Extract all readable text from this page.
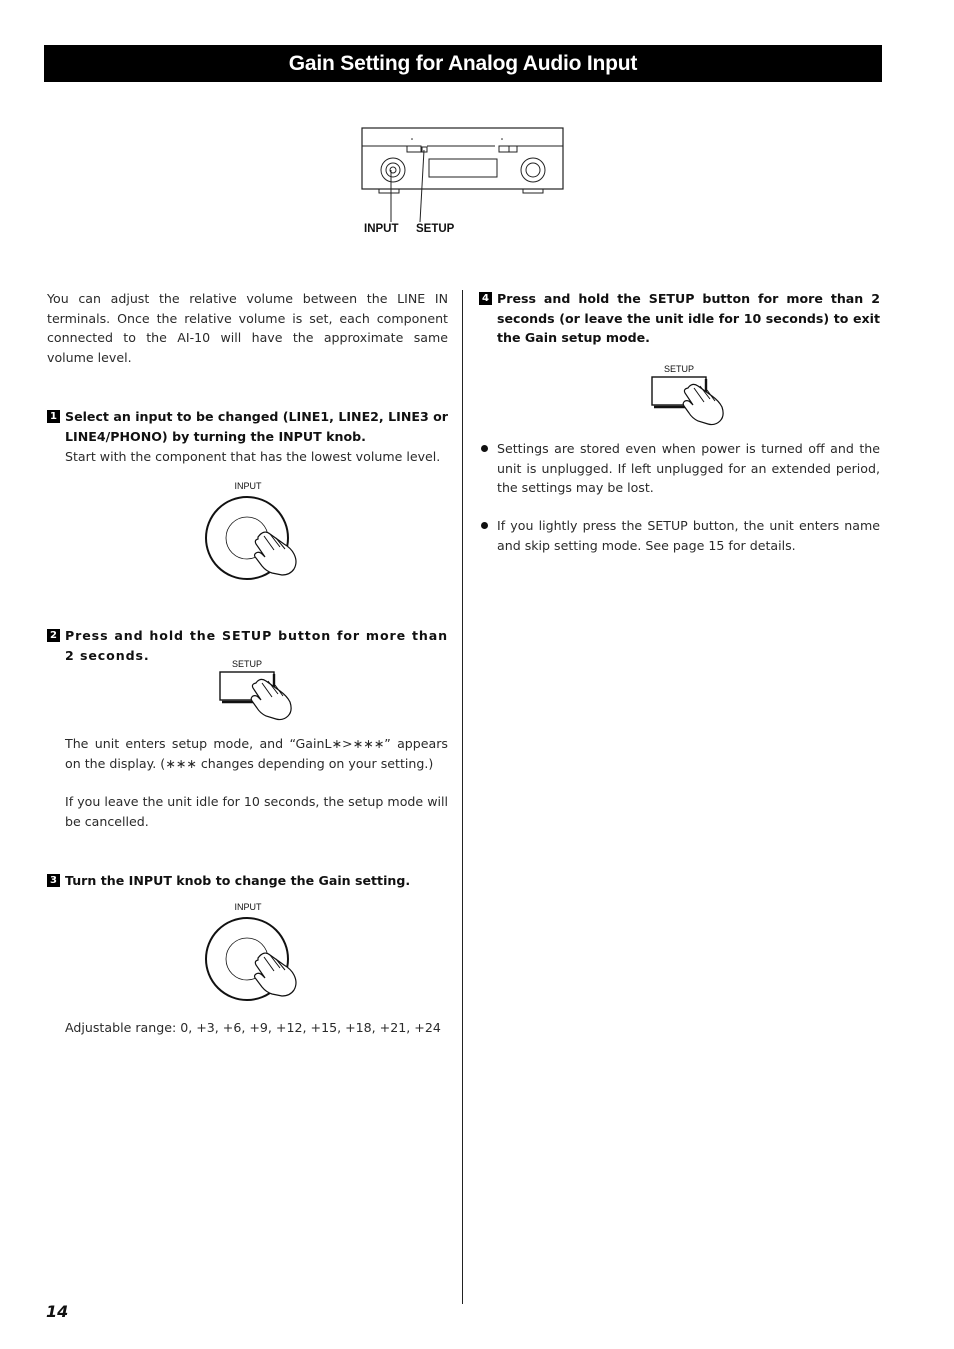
Gain Setting for Analog Audio Input
INPUT SETUP
You can adjust the relative volume between the LINE IN terminals. Once the relative volume is set, each component connected to the AI-10 will have the approximate same volume level.
1 Select an input to be changed (LINE1, LINE2, LINE3 or LINE4/PHONO) by turning the INPUT knob.
Start with the component that has the lowest volume level.
INPUT
2 Press and hold the SETUP button for more than 2 seconds.
SETUP
The unit enters setup mode, and “GainL∗>∗∗∗” appears on the display. (∗∗∗ changes depending on your setting.)
If you leave the unit idle for 10 seconds, the setup mode will be cancelled.
3 Turn the INPUT knob to change the Gain setting.
INPUT
Adjustable range: 0, +3, +6, +9, +12, +15, +18, +21, +24
4 Press and hold the SETUP button for more than 2 seconds (or leave the unit idle for 10 seconds) to exit the Gain setup mode.
SETUP
Settings are stored even when power is turned off and the unit is unplugged. If left unplugged for an extended period, the settings may be lost.
If you lightly press the SETUP button, the unit enters name and skip setting mode. See page 15 for details.
14
